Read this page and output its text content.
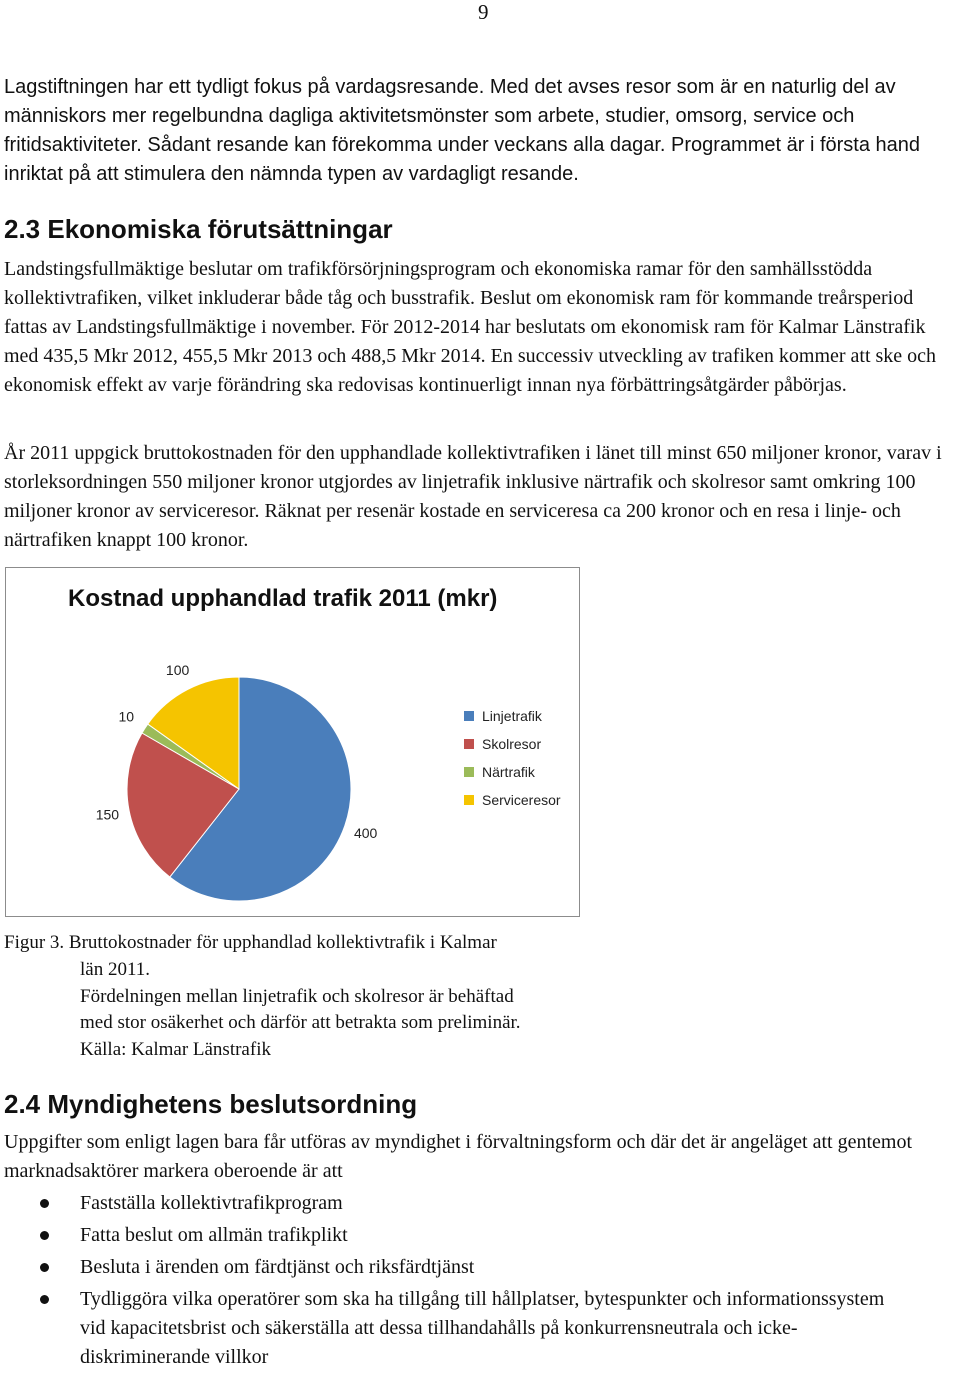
9

Lagstiftningen har ett tydligt fokus på vardagsresande. Med det avses resor som är en naturlig del av människors mer regelbundna dagliga aktivitetsmönster som arbete, studier, omsorg, service och fritidsaktiviteter. Sådant resande kan förekomma under veckans alla dagar. Programmet är i första hand inriktat på att stimulera den nämnda typen av vardagligt resande.

2.3 Ekonomiska förutsättningar

Landstingsfullmäktige beslutar om trafikförsörjningsprogram och ekonomiska ramar för den samhällsstödda kollektivtrafiken, vilket inkluderar både tåg och busstrafik. Beslut om ekonomisk ram för kommande treårsperiod fattas av Landstingsfullmäktige i november. För 2012-2014 har beslutats om ekonomisk ram för Kalmar Länstrafik med 435,5 Mkr 2012, 455,5 Mkr 2013 och 488,5 Mkr 2014. En successiv utveckling av trafiken kommer att ske och ekonomisk effekt av varje förändring ska redovisas kontinuerligt innan nya förbättringsåtgärder påbörjas.

År 2011 uppgick bruttokostnaden för den upphandlade kollektivtrafiken i länet till minst 650 miljoner kronor, varav i storleksordningen 550 miljoner kronor utgjordes av linjetrafik inklusive närtrafik och skolresor samt omkring 100 miljoner kronor av serviceresor. Räknat per resenär kostade en serviceresa ca 200 kronor och en resa i linje- och närtrafiken knappt 100 kronor.

Kostnad upphandlad trafik 2011 (mkr)
400
150
10
100
Linjetrafik
Skolresor
Närtrafik
Serviceresor

Figur 3. Bruttokostnader för upphandlad kollektivtrafik i Kalmar

län 2011.

Fördelningen mellan linjetrafik och skolresor är behäftad

med stor osäkerhet och därför att betrakta som preliminär.

Källa: Kalmar Länstrafik

2.4 Myndighetens beslutsordning

Uppgifter som enligt lagen bara får utföras av myndighet i förvaltningsform och där det är angeläget att gentemot marknadsaktörer markera oberoende är att

Fastställa kollektivtrafikprogram
Fatta beslut om allmän trafikplikt
Besluta i ärenden om färdtjänst och riksfärdtjänst
Tydliggöra vilka operatörer som ska ha tillgång till hållplatser, bytespunkter och informationssystem vid kapacitetsbrist och säkerställa att dessa tillhandahålls på konkurrensneutrala och icke-diskriminerande villkor
